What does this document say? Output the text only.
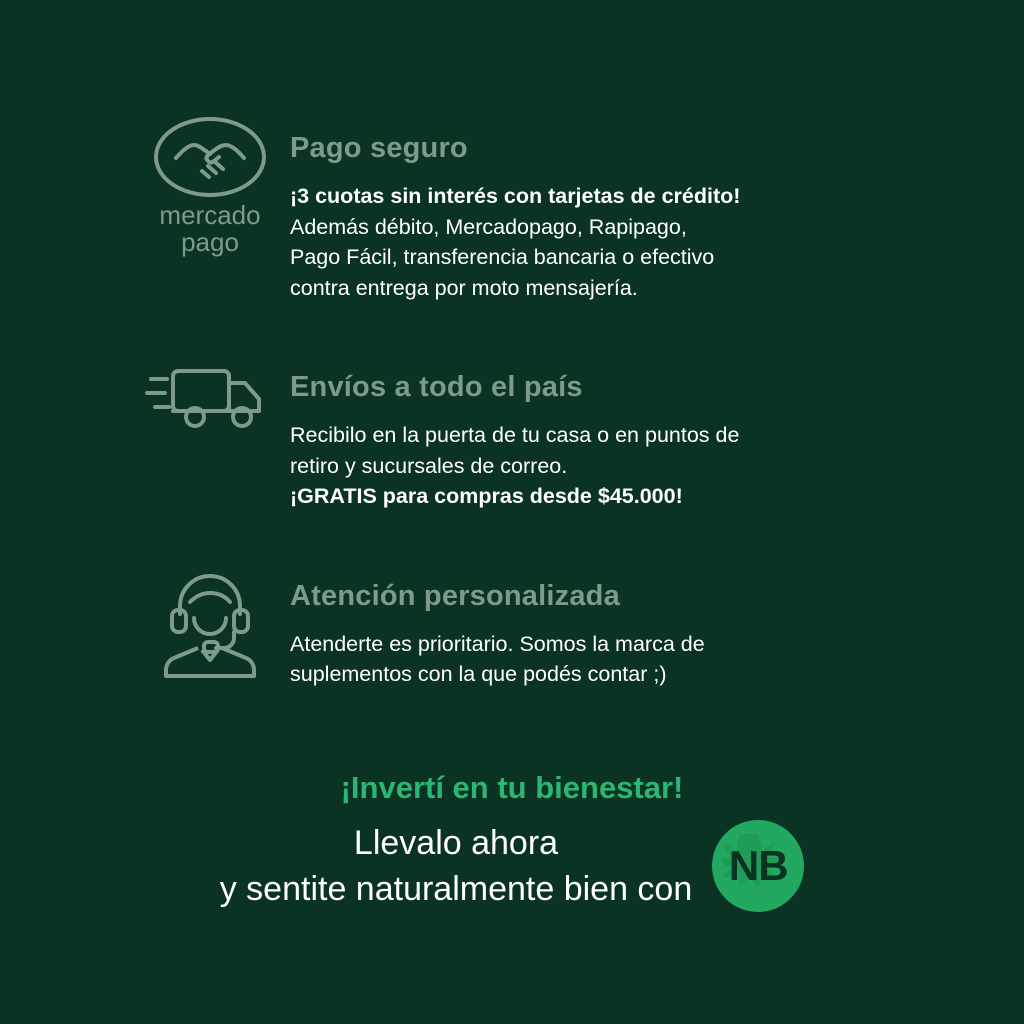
mercado
pago
Pago seguro

¡3 cuotas sin interés con tarjetas de crédito!

Además débito, Mercadopago, Rapipago,

Pago Fácil, transferencia bancaria o efectivo

contra entrega por moto mensajería.

Envíos a todo el país

Recibilo en la puerta de tu casa o en puntos de

retiro y sucursales de correo.

¡GRATIS para compras desde $45.000!

Atención personalizada

Atenderte es prioritario. Somos la marca de

suplementos con la que podés contar ;)

¡Invertí en tu bienestar!
Llevalo ahora
y sentite naturalmente bien con NB
